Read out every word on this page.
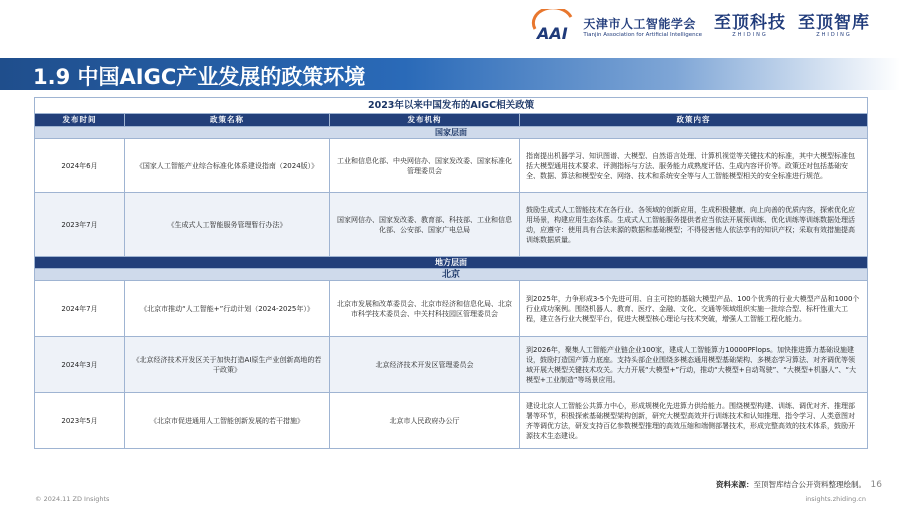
AAI
天津市人工智能学会
Tianjin Association for Artificial Intelligence
至顶科技
ZHIDING
至顶智库
ZHIDING
1.9 中国AIGC产业发展的政策环境
2023年以来中国发布的AIGC相关政策			
发布时间	政策名称	发布机构	政策内容
国家层面			
2024年6月	《国家人工智能产业综合标准化体系建设指南（2024版）》	工业和信息化部、中央网信办、国家发改委、国家标准化管理委员会	指南提出机器学习、知识图谱、大模型、自然语言处理、计算机视觉等关键技术的标准，其中大模型标准包括大模型通用技术要求、评测指标与方法、服务能力成熟度评估、生成内容评价等。政策还对包括基础安全、数据、算法和模型安全、网络、技术和系统安全等与人工智能模型相关的安全标准进行规范。
2023年7月	《生成式人工智能服务管理暂行办法》	国家网信办、国家发改委、教育部、科技部、工业和信息化部、公安部、国家广电总局	鼓励生成式人工智能技术在各行业、各领域的创新应用，生成积极健康、向上向善的优质内容，探索优化应用场景，构建应用生态体系。生成式人工智能服务提供者应当依法开展预训练、优化训练等训练数据处理活动，应遵守：使用具有合法来源的数据和基础模型；不得侵害他人依法享有的知识产权；采取有效措施提高训练数据质量。
地方层面			
北京			
2024年7月	《北京市推动“人工智能+”行动计划（2024-2025年）》	北京市发展和改革委员会、北京市经济和信息化局、北京市科学技术委员会、中关村科技园区管理委员会	到2025年，力争形成3-5个先进可用、自主可控的基础大模型产品、100个优秀的行业大模型产品和1000个行业成功案例。围绕机器人、教育、医疗、金融、文化、交通等领域组织实施一批综合型、标杆性重大工程，建立各行业大模型平台，促进大模型核心理论与技术突破，增强人工智能工程化能力。
2024年3月	《北京经济技术开发区关于加快打造AI原生产业创新高地的若干政策》	北京经济技术开发区管理委员会	到2026年，聚集人工智能产业链企业100家，建成人工智能算力10000PFlops。加快推进算力基础设施建设，鼓励打造国产算力底座。支持头部企业围绕多模态通用模型基础架构、多模态学习算法、对齐调优等领域开展大模型关键技术攻关。大力开展“大模型+”行动，推动“大模型+自动驾驶”、“大模型+机器人”、“大模型+工业制造”等场景应用。
2023年5月	《北京市促进通用人工智能创新发展的若干措施》	北京市人民政府办公厅	建设北京人工智能公共算力中心，形成规模化先进算力供给能力。围绕模型构建、训练、调优对齐、推理部署等环节，积极探索基础模型架构创新，研究大模型高效并行训练技术和认知推理、指令学习、人类意图对齐等调优方法，研发支持百亿参数模型推理的高效压缩和端侧部署技术，形成完整高效的技术体系，鼓励开源技术生态建设。
资料来源：至顶智库结合公开资料整理绘制。 16
© 2024.11 ZD Insights	insights.zhiding.cn
